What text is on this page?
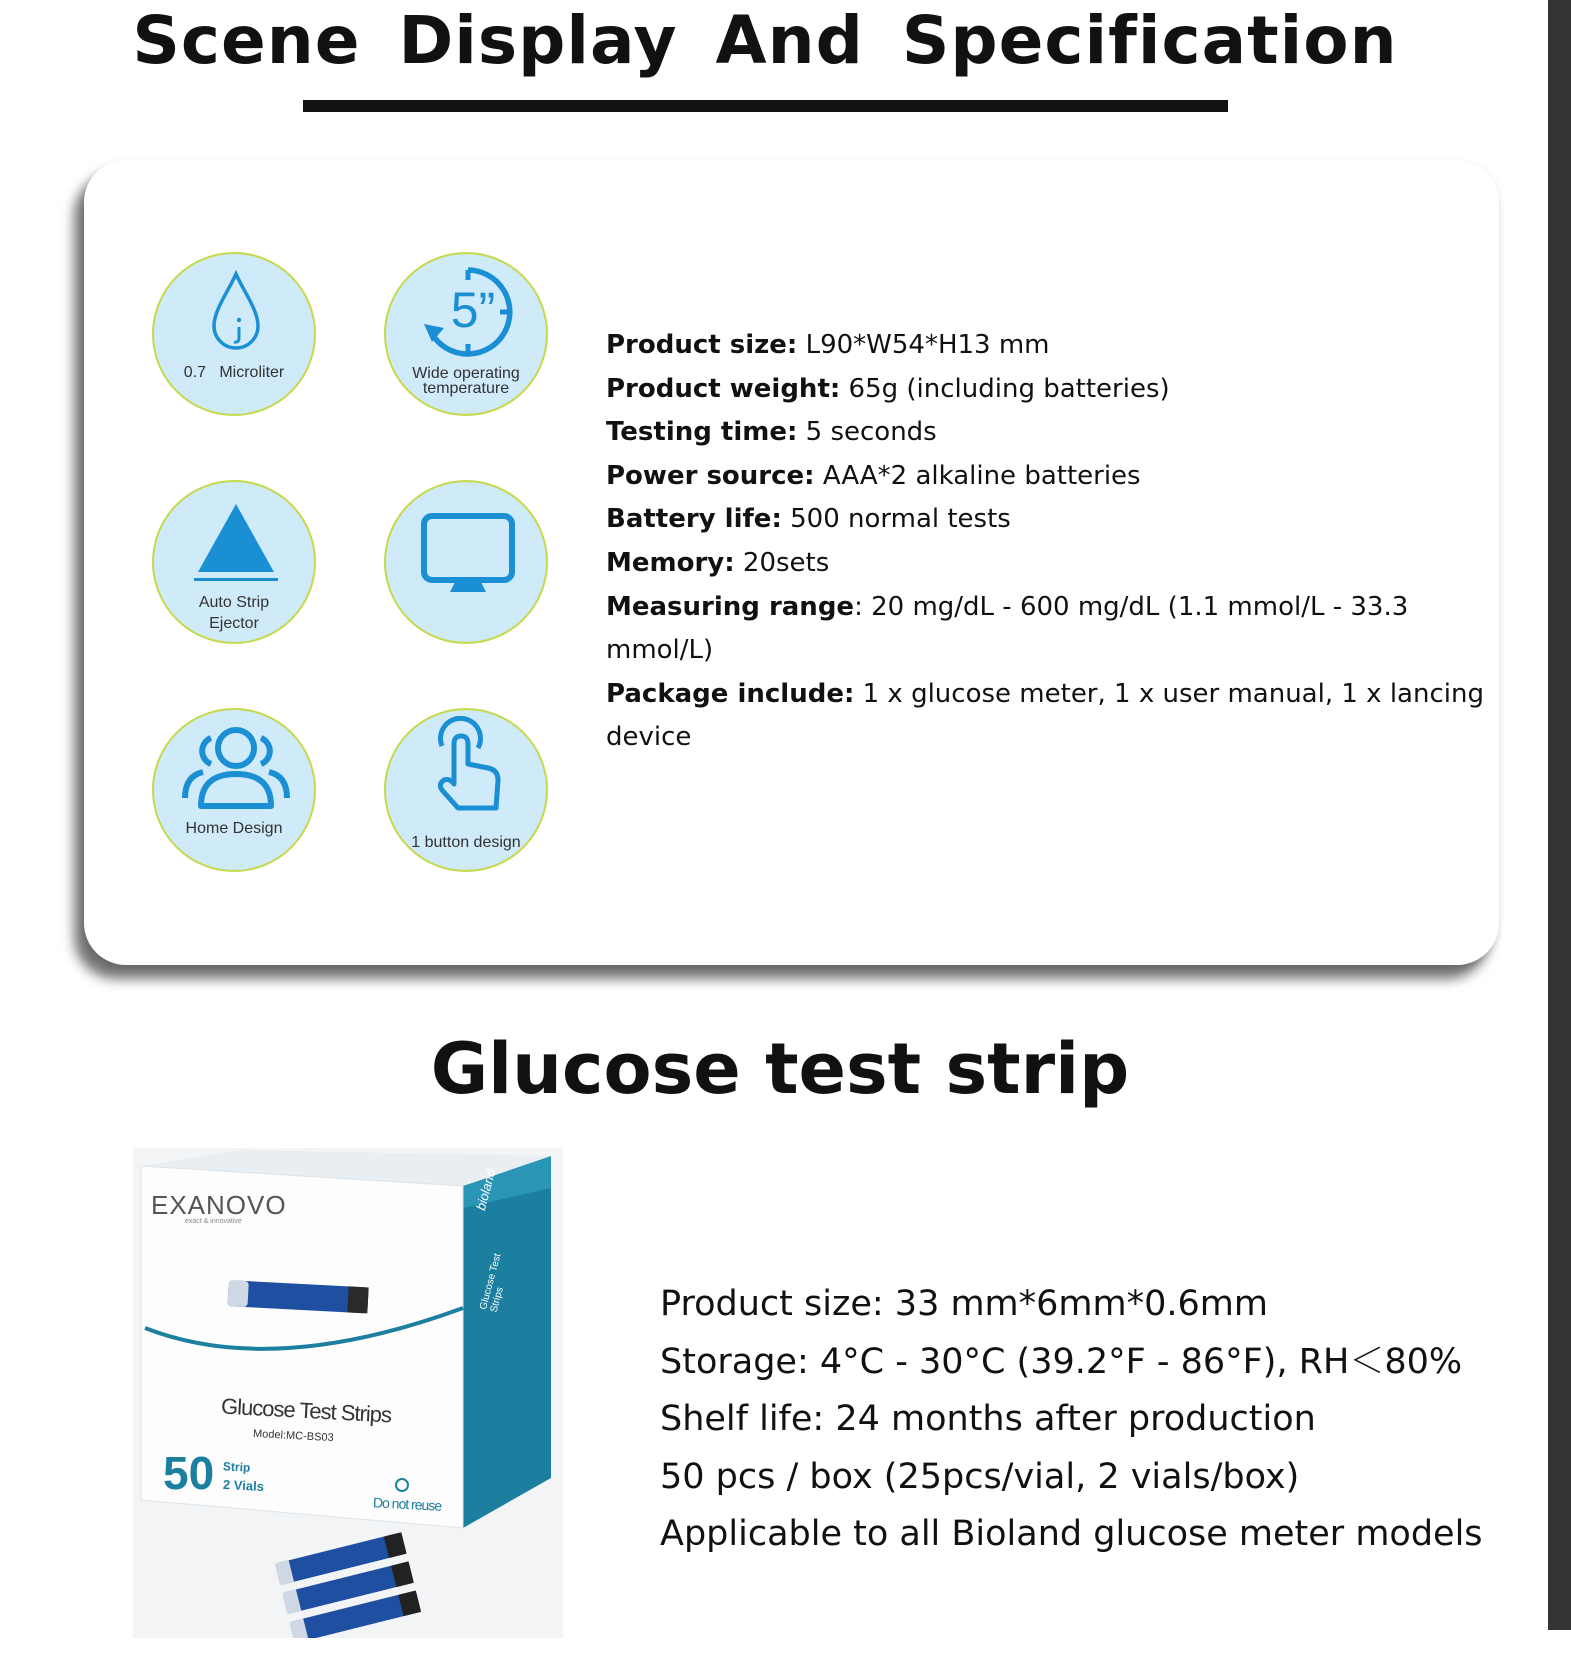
Scene Display And Specification
0.7   Microliter
5”
Wide operating
temperature
Auto Strip
Ejector
Home Design
1 button design
Product size: L90*W54*H13 mm
Product weight: 65g (including batteries)
Testing time: 5 seconds
Power source: AAA*2 alkaline batteries
Battery life: 500 normal tests
Memory: 20sets
Measuring range: 20 mg/dL - 600 mg/dL (1.1 mmol/L - 33.3 mmol/L)
Package include: 1 x glucose meter, 1 x user manual, 1 x lancing device
Glucose test strip
EXANOVO
exact & innovative
bioland
Glucose Test Strips
Glucose Test Strips
Model:MC-BS03
50 Strip
2 Vials
Do not reuse
Product size: 33 mm*6mm*0.6mm
Storage: 4°C - 30°C (39.2°F - 86°F), RH＜80%
Shelf life: 24 months after production
50 pcs / box (25pcs/vial, 2 vials/box)
Applicable to all Bioland glucose meter models
